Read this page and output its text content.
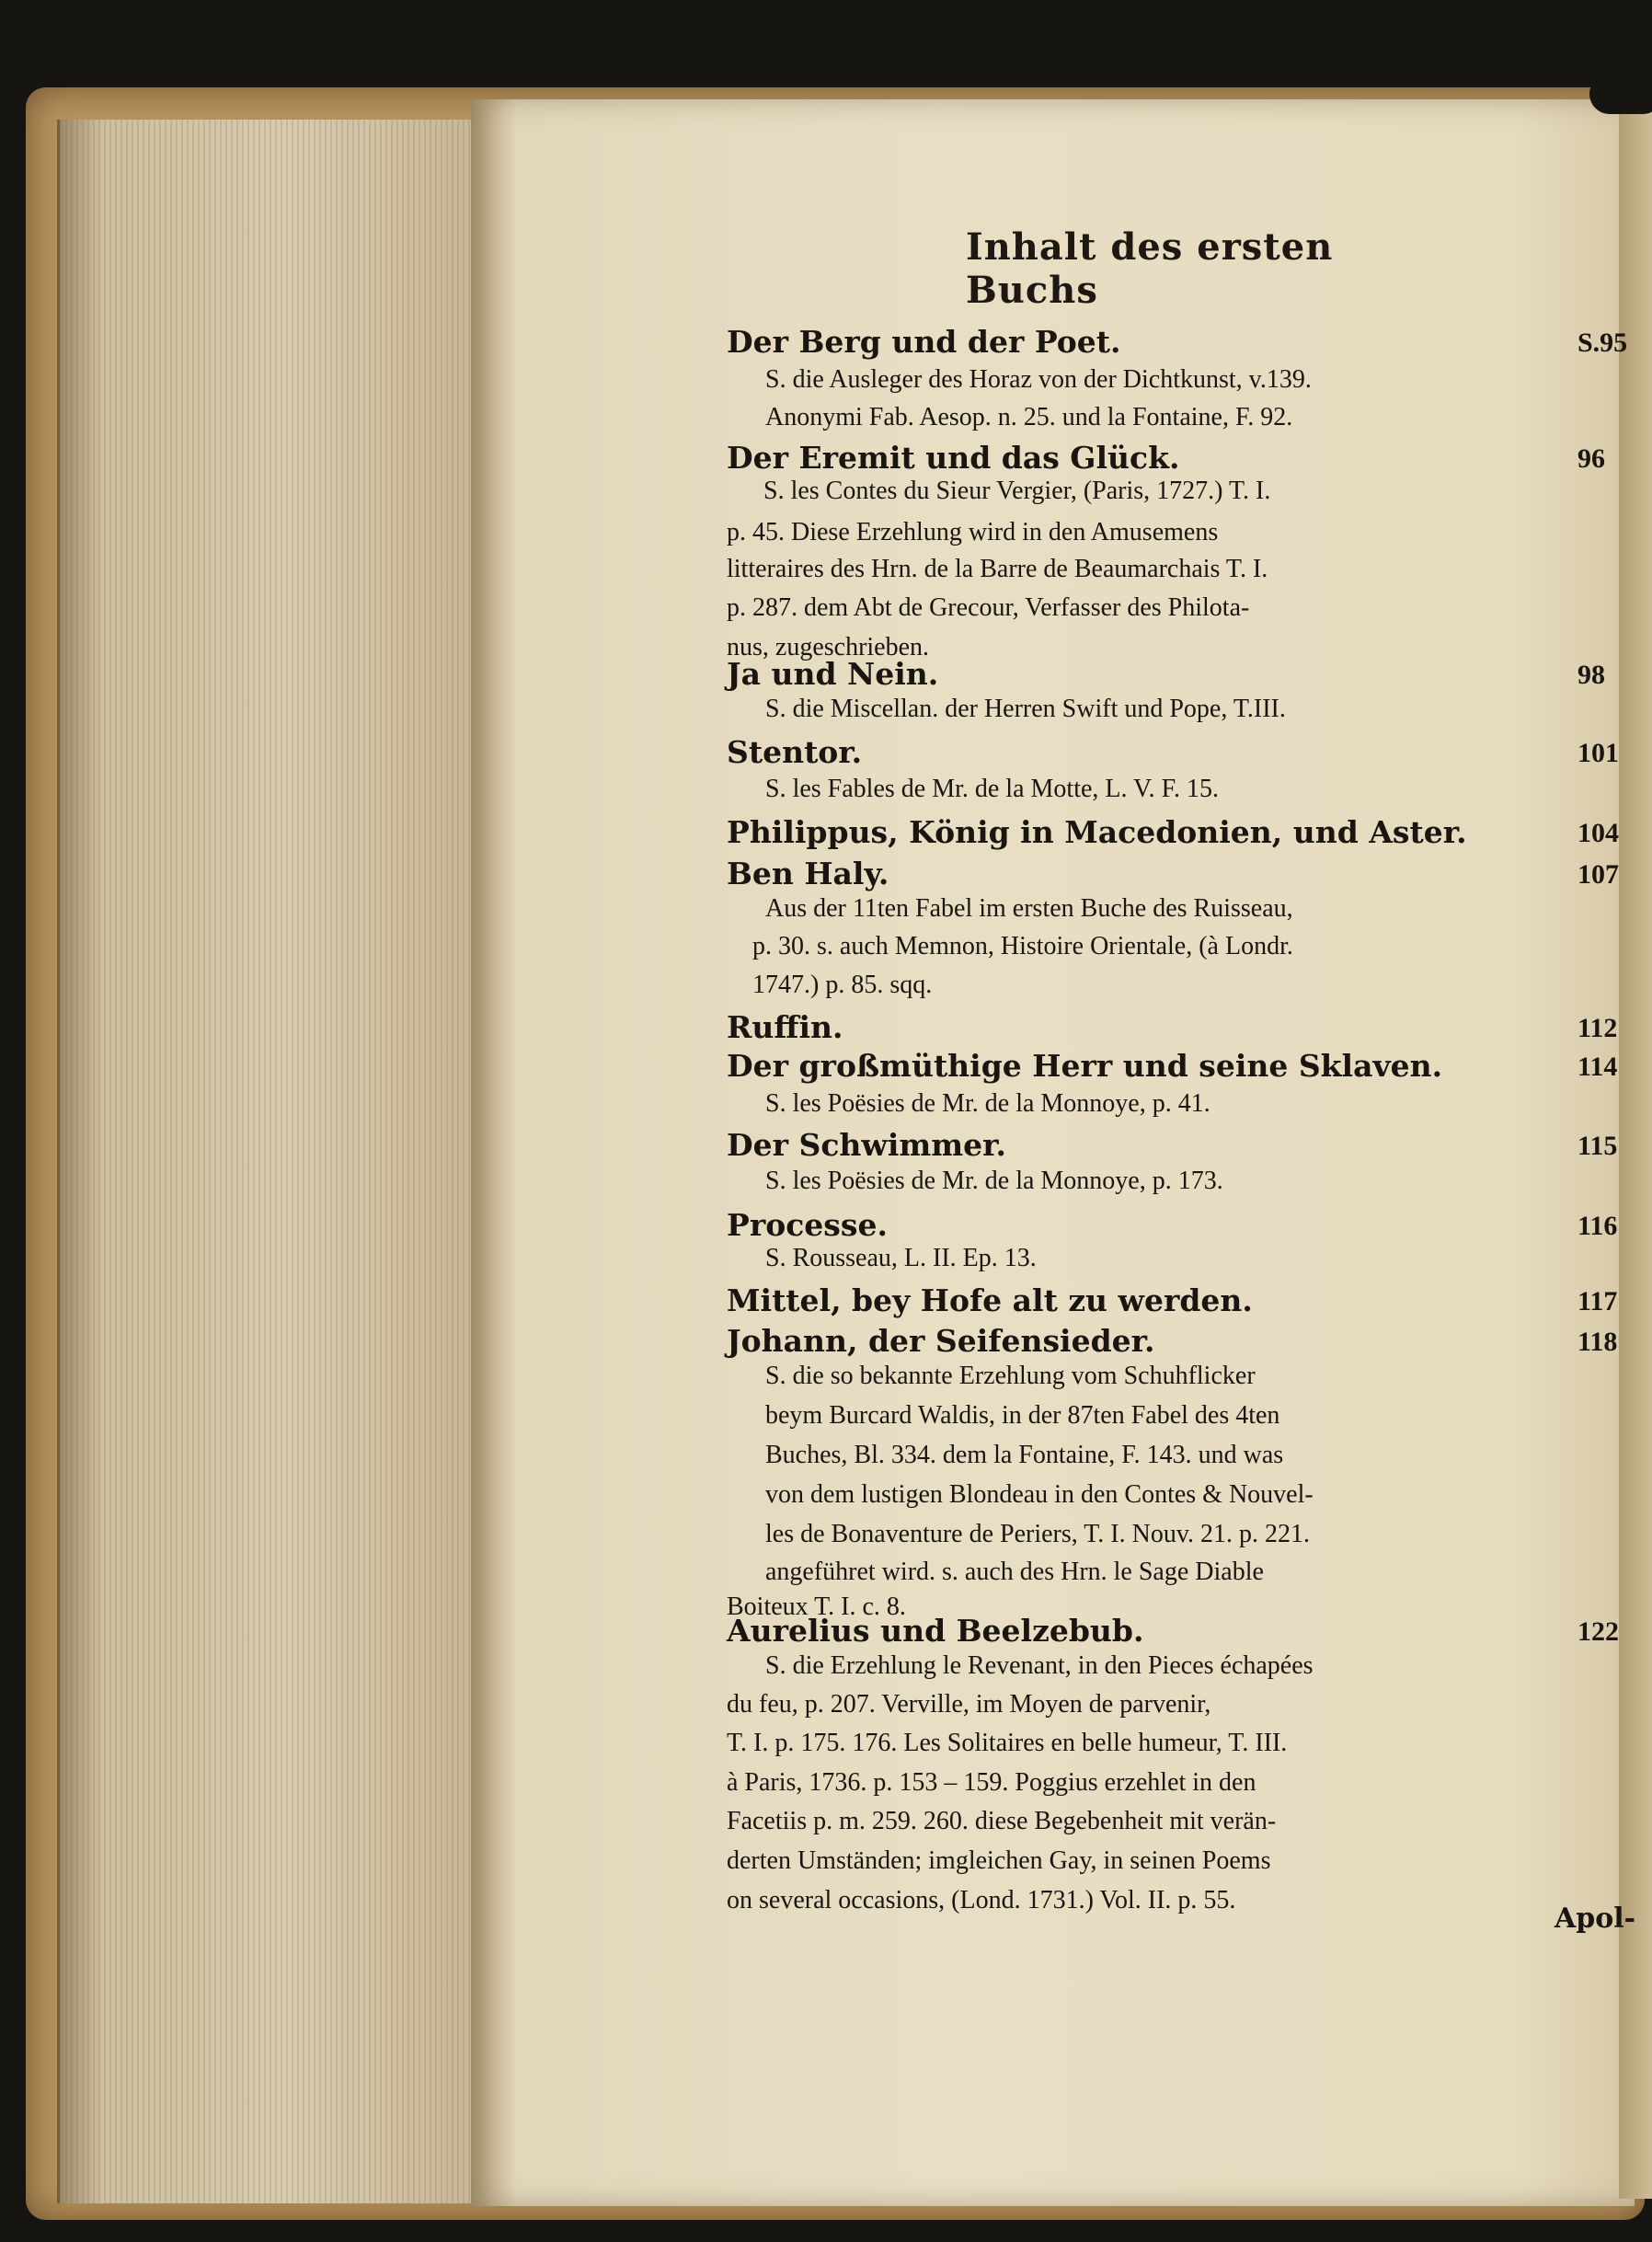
Inhalt des ersten Buchs
Der Berg und der Poet.	S.95
S. die Ausleger des Horaz von der Dichtkunst, v.139.
Anonymi Fab. Aesop. n. 25. und la Fontaine, F. 92.
Der Eremit und das Glück.	96
S. les Contes du Sieur Vergier, (Paris, 1727.) T. I.
p. 45. Diese Erzehlung wird in den Amusemens
litteraires des Hrn. de la Barre de Beaumarchais T. I.
p. 287. dem Abt de Grecour, Verfasser des Philota-
nus, zugeschrieben.
Ja und Nein.	98
S. die Miscellan. der Herren Swift und Pope, T.III.
Stentor.	101
S. les Fables de Mr. de la Motte, L. V. F. 15.
Philippus, König in Macedonien, und Aster.	104
Ben Haly.	107
Aus der 11ten Fabel im ersten Buche des Ruisseau,
p. 30. s. auch Memnon, Histoire Orientale, (à Londr.
1747.) p. 85. sqq.
Ruffin.	112
Der großmüthige Herr und seine Sklaven.	114
S. les Poësies de Mr. de la Monnoye, p. 41.
Der Schwimmer.	115
S. les Poësies de Mr. de la Monnoye, p. 173.
Processe.	116
S. Rousseau, L. II. Ep. 13.
Mittel, bey Hofe alt zu werden.	117
Johann, der Seifensieder.	118
S. die so bekannte Erzehlung vom Schuhflicker
beym Burcard Waldis, in der 87ten Fabel des 4ten
Buches, Bl. 334. dem la Fontaine, F. 143. und was
von dem lustigen Blondeau in den Contes & Nouvel-
les de Bonaventure de Periers, T. I. Nouv. 21. p. 221.
angeführet wird. s. auch des Hrn. le Sage Diable
Boiteux T. I. c. 8.
Aurelius und Beelzebub.	122
S. die Erzehlung le Revenant, in den Pieces échapées
du feu, p. 207. Verville, im Moyen de parvenir,
T. I. p. 175. 176. Les Solitaires en belle humeur, T. III.
à Paris, 1736. p. 153 – 159. Poggius erzehlet in den
Facetiis p. m. 259. 260. diese Begebenheit mit verän-
derten Umständen; imgleichen Gay, in seinen Poems
on several occasions, (Lond. 1731.) Vol. II. p. 55.
Apol-
